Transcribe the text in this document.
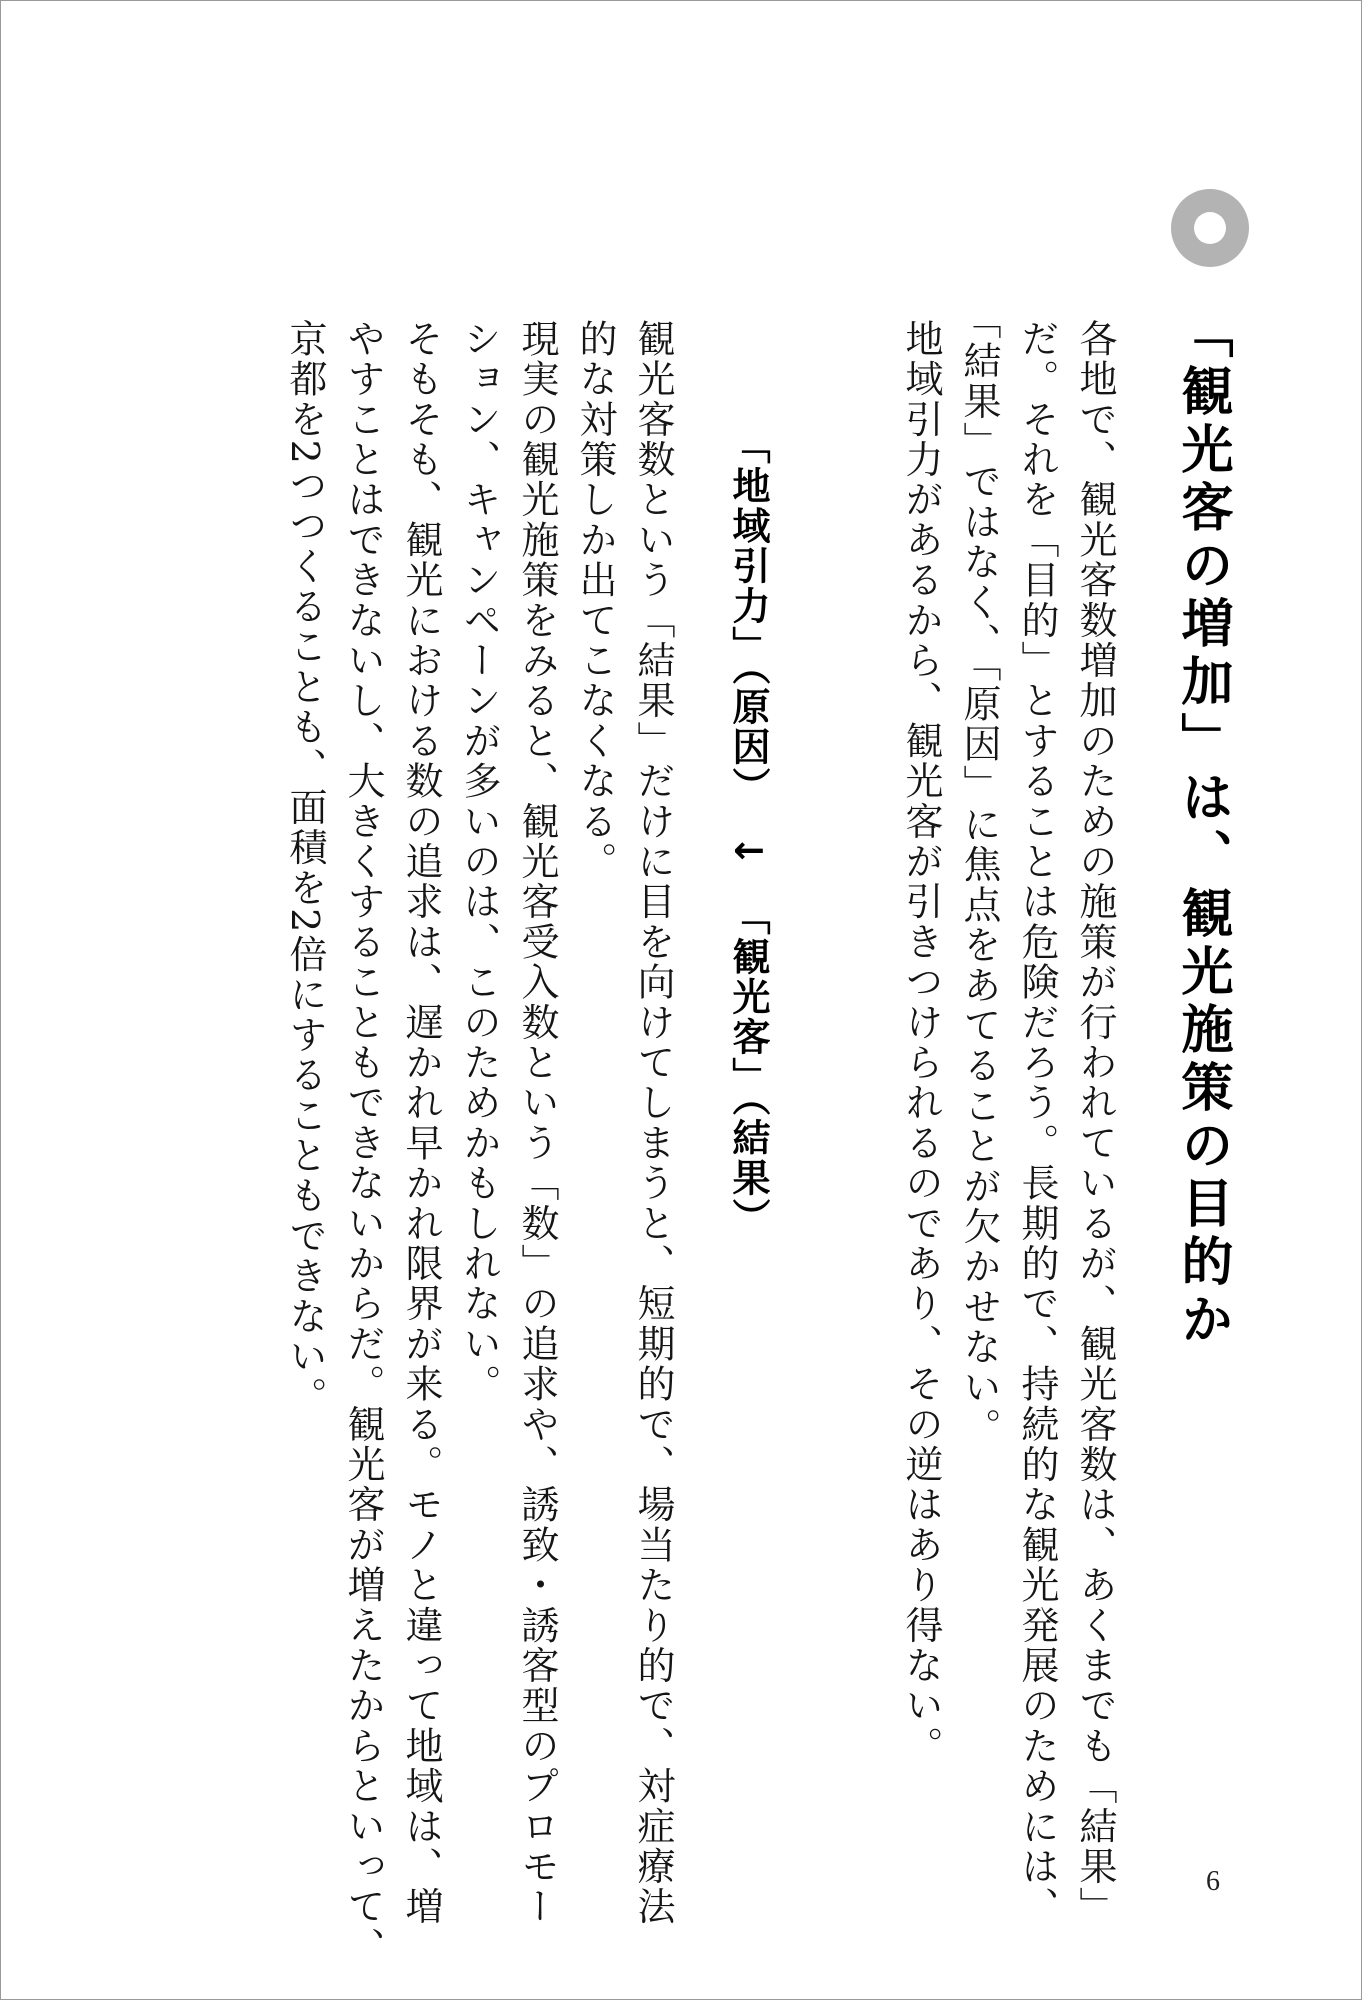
「観光客の増加」は、観光施策の目的か
各地で、観光客数増加のための施策が行われているが、観光客数は、あくまでも「結果」
だ。それを「目的」とすることは危険だろう。長期的で、持続的な観光発展のためには、
「結果」ではなく、「原因」に焦点をあてることが欠かせない。
地域引力があるから、観光客が引きつけられるのであり、その逆はあり得ない。
「地域引力」（原因）↓「観光客」（結果）
観光客数という「結果」だけに目を向けてしまうと、短期的で、場当たり的で、対症療法
的な対策しか出てこなくなる。
現実の観光施策をみると、観光客受入数という「数」の追求や、誘致・誘客型のプロモー
ション、キャンペーンが多いのは、このためかもしれない。
そもそも、観光における数の追求は、遅かれ早かれ限界が来る。モノと違って地域は、増
やすことはできないし、大きくすることもできないからだ。観光客が増えたからといって、
京都を2つつくることも、面積を2倍にすることもできない。
6
